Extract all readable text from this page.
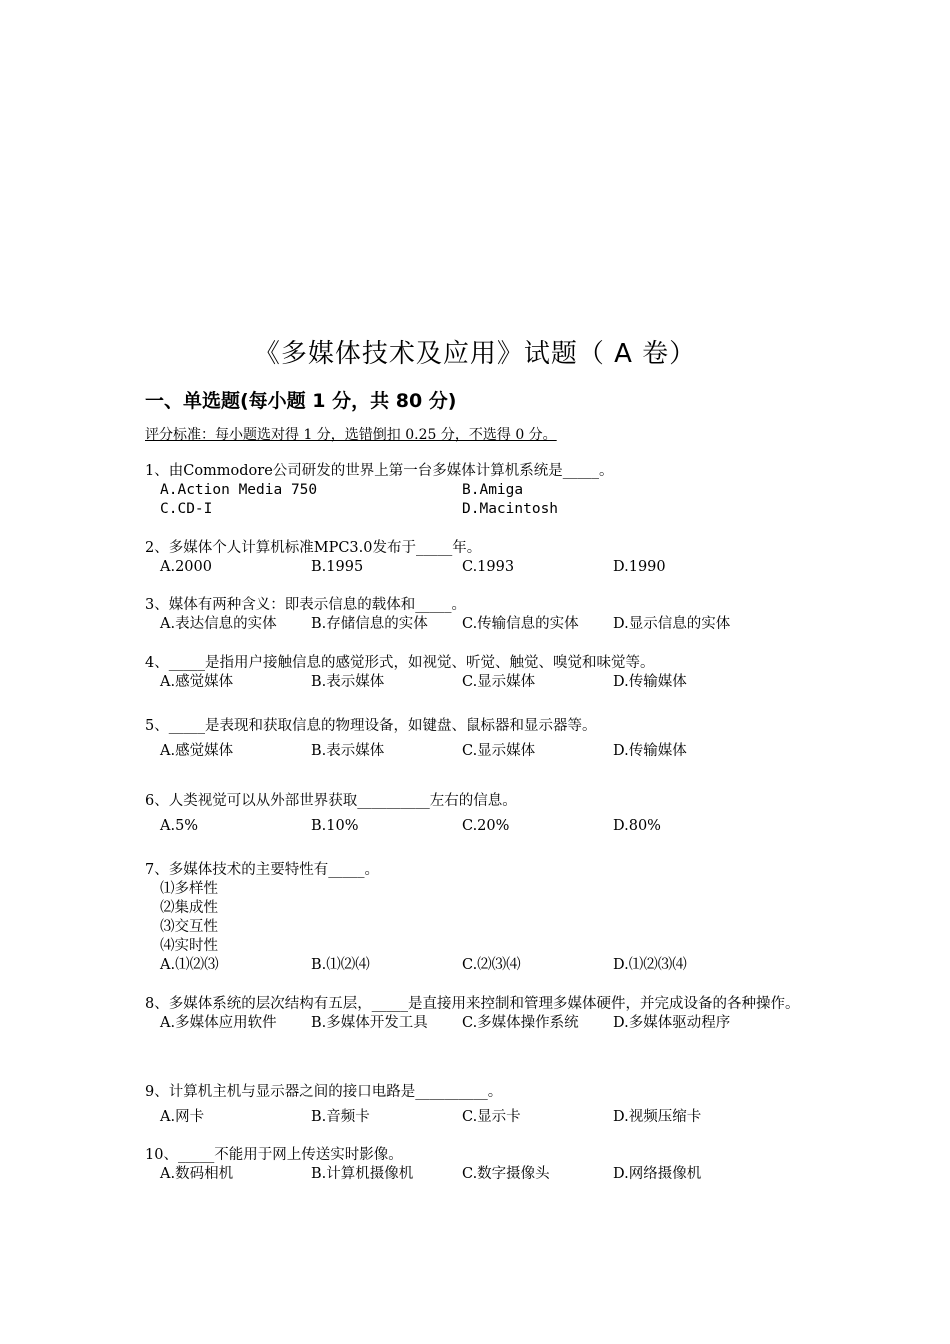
《多媒体技术及应用》试题（ A 卷）
一、单选题(每小题 1 分，共 80 分)
评分标准：每小题选对得 1 分，选错倒扣 0.25 分，不选得 0 分。
1、由Commodore公司研发的世界上第一台多媒体计算机系统是_____。
A.Action Media 750	B.Amiga
C.CD-I	D.Macintosh
2、多媒体个人计算机标准MPC3.0发布于_____年。
A.2000	B.1995	C.1993	D.1990
3、媒体有两种含义：即表示信息的载体和_____。
A.表达信息的实体 B.存储信息的实体 C.传输信息的实体 D.显示信息的实体
4、_____是指用户接触信息的感觉形式，如视觉、听觉、触觉、嗅觉和味觉等。
A.感觉媒体	B.表示媒体	C.显示媒体	D.传输媒体
5、_____是表现和获取信息的物理设备，如键盘、鼠标器和显示器等。
A.感觉媒体	B.表示媒体	C.显示媒体	D.传输媒体
6、人类视觉可以从外部世界获取__________左右的信息。
A.5%	B.10%	C.20%	D.80%
7、多媒体技术的主要特性有_____。
⑴多样性
⑵集成性
⑶交互性
⑷实时性
A.⑴⑵⑶	B.⑴⑵⑷	C.⑵⑶⑷	D.⑴⑵⑶⑷
8、多媒体系统的层次结构有五层，_____是直接用来控制和管理多媒体硬件，并完成设备的各种操作。
A.多媒体应用软件 B.多媒体开发工具 C.多媒体操作系统 D.多媒体驱动程序
9、计算机主机与显示器之间的接口电路是__________。
A.网卡	B.音频卡	C.显示卡	D.视频压缩卡
10、_____不能用于网上传送实时影像。
A.数码相机	B.计算机摄像机	C.数字摄像头	D.网络摄像机
